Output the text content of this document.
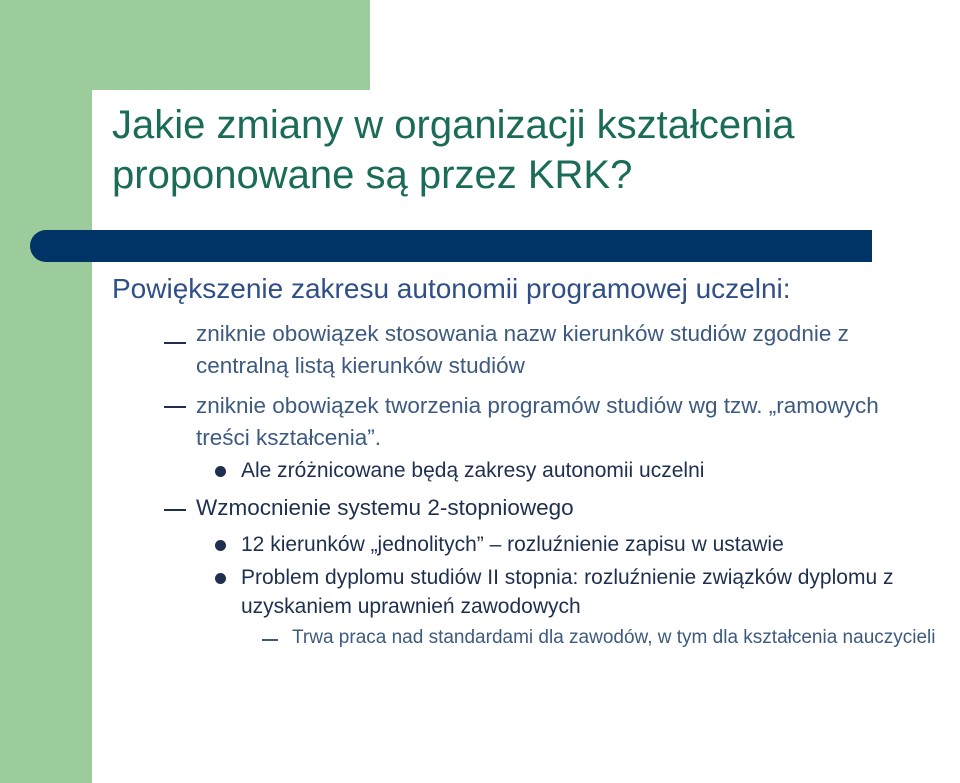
Jakie zmiany w organizacji kształcenia
proponowane są przez KRK?
Powiększenie zakresu autonomii programowej uczelni:
zniknie obowiązek stosowania nazw kierunków studiów zgodnie z centralną listą kierunków studiów
zniknie obowiązek tworzenia programów studiów wg tzw. „ramowych treści kształcenia”.
Ale zróżnicowane będą zakresy autonomii uczelni
Wzmocnienie systemu 2-stopniowego
12 kierunków „jednolitych” – rozluźnienie zapisu w ustawie
Problem dyplomu studiów II stopnia: rozluźnienie związków dyplomu z uzyskaniem uprawnień zawodowych
Trwa praca nad standardami dla zawodów, w tym dla kształcenia nauczycieli
